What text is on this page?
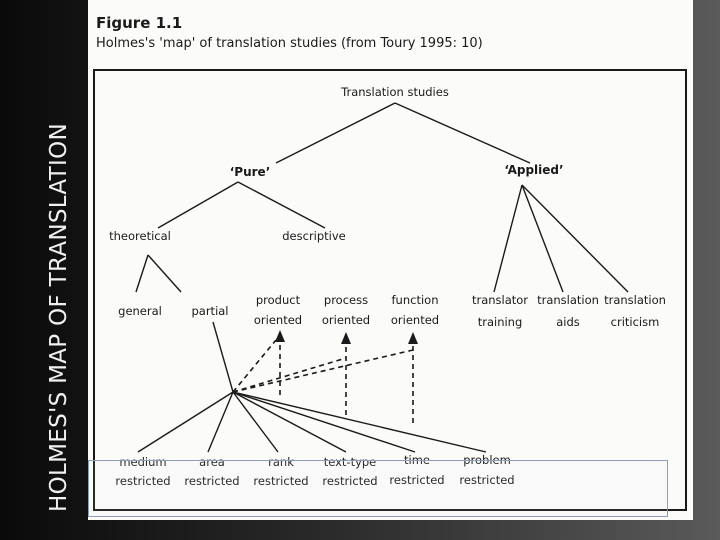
HOLMES'S MAP OF TRANSLATION
Figure 1.1
Holmes's 'map' of translation studies (from Toury 1995: 10)
Translation studies
‘Pure’	‘Applied’
theoretical	descriptive
general	partial
product
oriented
process
oriented
function
oriented
translator
training
translation
aids
translation
criticism
medium
restricted
area
restricted
rank
restricted
text-type
restricted
time
restricted
problem
restricted
